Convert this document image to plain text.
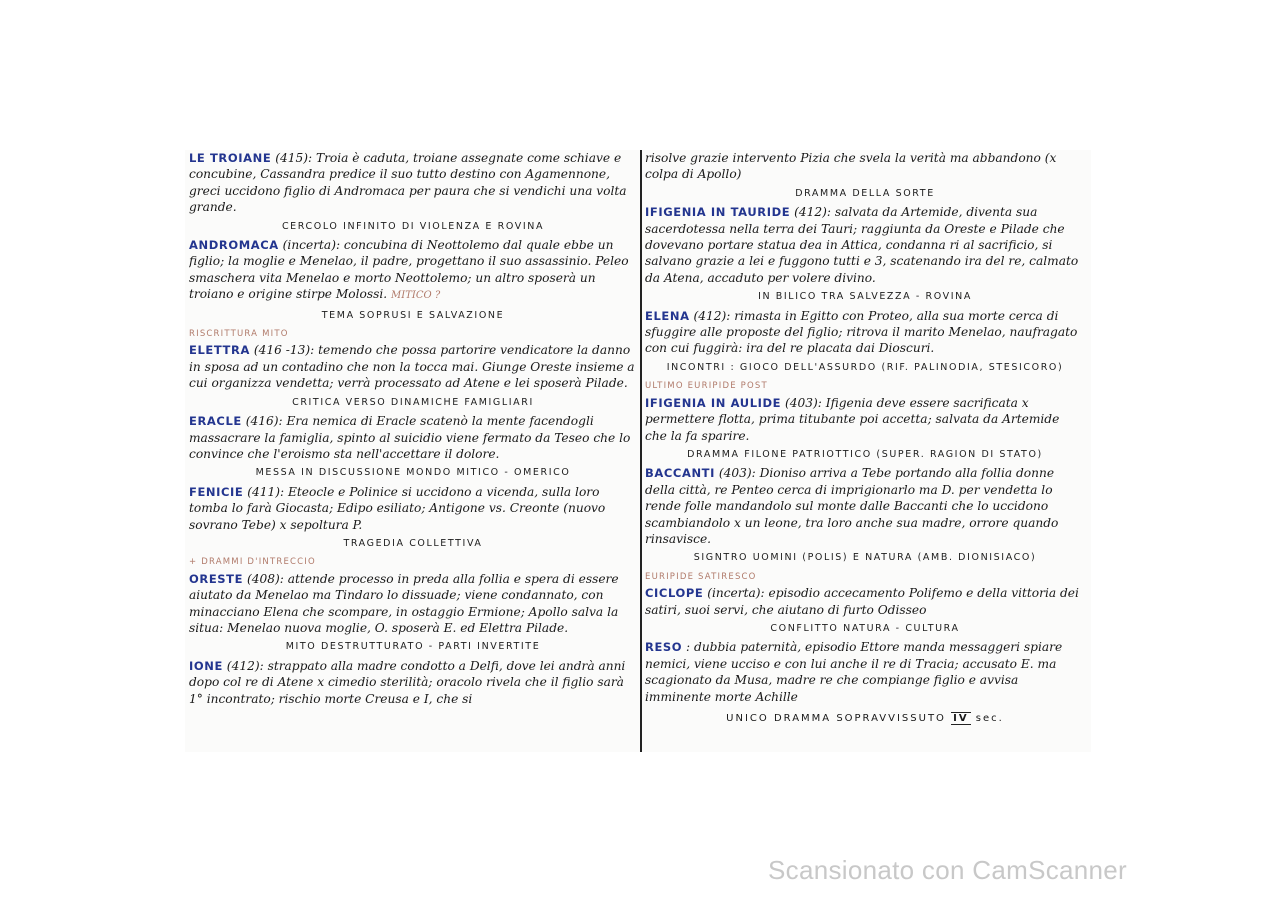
LE TROIANE (415): Troia è caduta, troiane assegnate come schiave e concubine, Cassandra predice il suo tutto destino con Agamennone, greci uccidono figlio di Andromaca per paura che si vendichi una volta grande.
CERCOLO INFINITO DI VIOLENZA E ROVINA
ANDROMACA (incerta): concubina di Neottolemo dal quale ebbe un figlio; la moglie e Menelao, il padre, progettano il suo assassinio. Peleo smaschera vita Menelao e morto Neottolemo; un altro sposerà un troiano e origine stirpe Molossi. MITICO ?
TEMA SOPRUSI E SALVAZIONE
RISCRITTURA MITO
ELETTRA (416 -13): temendo che possa partorire vendicatore la danno in sposa ad un contadino che non la tocca mai. Giunge Oreste insieme a cui organizza vendetta; verrà processato ad Atene e lei sposerà Pilade.
CRITICA VERSO DINAMICHE FAMIGLIARI
ERACLE (416): Era nemica di Eracle scatenò la mente facendogli massacrare la famiglia, spinto al suicidio viene fermato da Teseo che lo convince che l'eroismo sta nell'accettare il dolore.
MESSA IN DISCUSSIONE MONDO MITICO - OMERICO
FENICIE (411): Eteocle e Polinice si uccidono a vicenda, sulla loro tomba lo farà Giocasta; Edipo esiliato; Antigone vs. Creonte (nuovo sovrano Tebe) x sepoltura P.
TRAGEDIA COLLETTIVA
+ DRAMMI D'INTRECCIO
ORESTE (408): attende processo in preda alla follia e spera di essere aiutato da Menelao ma Tindaro lo dissuade; viene condannato, con minacciano Elena che scompare, in ostaggio Ermione; Apollo salva la situa: Menelao nuova moglie, O. sposerà E. ed Elettra Pilade.
MITO DESTRUTTURATO - PARTI INVERTITE
IONE (412): strappato alla madre condotto a Delfi, dove lei andrà anni dopo col re di Atene x cimedio sterilità; oracolo rivela che il figlio sarà 1° incontrato; rischio morte Creusa e I, che si
risolve grazie intervento Pizia che svela la verità ma abbandono (x colpa di Apollo)
DRAMMA DELLA SORTE
IFIGENIA IN TAURIDE (412): salvata da Artemide, diventa sua sacerdotessa nella terra dei Tauri; raggiunta da Oreste e Pilade che dovevano portare statua dea in Attica, condanna ri al sacrificio, si salvano grazie a lei e fuggono tutti e 3, scatenando ira del re, calmato da Atena, accaduto per volere divino.
IN BILICO TRA SALVEZZA - ROVINA
ELENA (412): rimasta in Egitto con Proteo, alla sua morte cerca di sfuggire alle proposte del figlio; ritrova il marito Menelao, naufragato con cui fuggirà: ira del re placata dai Dioscuri.
INCONTRI : GIOCO DELL'ASSURDO (RIF. PALINODIA, STESICORO)
ULTIMO EURIPIDE POST
IFIGENIA IN AULIDE (403): Ifigenia deve essere sacrificata x permettere flotta, prima titubante poi accetta; salvata da Artemide che la fa sparire.
DRAMMA FILONE PATRIOTTICO (SUPER. RAGION DI STATO)
BACCANTI (403): Dioniso arriva a Tebe portando alla follia donne della città, re Penteo cerca di imprigionarlo ma D. per vendetta lo rende folle mandandolo sul monte dalle Baccanti che lo uccidono scambiandolo x un leone, tra loro anche sua madre, orrore quando rinsavisce.
SIGNTRO UOMINI (POLIS) E NATURA (AMB. DIONISIACO)
EURIPIDE SATIRESCO
CICLOPE (incerta): episodio accecamento Polifemo e della vittoria dei satiri, suoi servi, che aiutano di furto Odisseo
CONFLITTO NATURA - CULTURA
RESO : dubbia paternità, episodio Ettore manda messaggeri spiare nemici, viene ucciso e con lui anche il re di Tracia; accusato E. ma scagionato da Musa, madre re che compiange figlio e avvisa imminente morte Achille
UNICO DRAMMA SOPRAVVISSUTO IV sec.
Scansionato con CamScanner
